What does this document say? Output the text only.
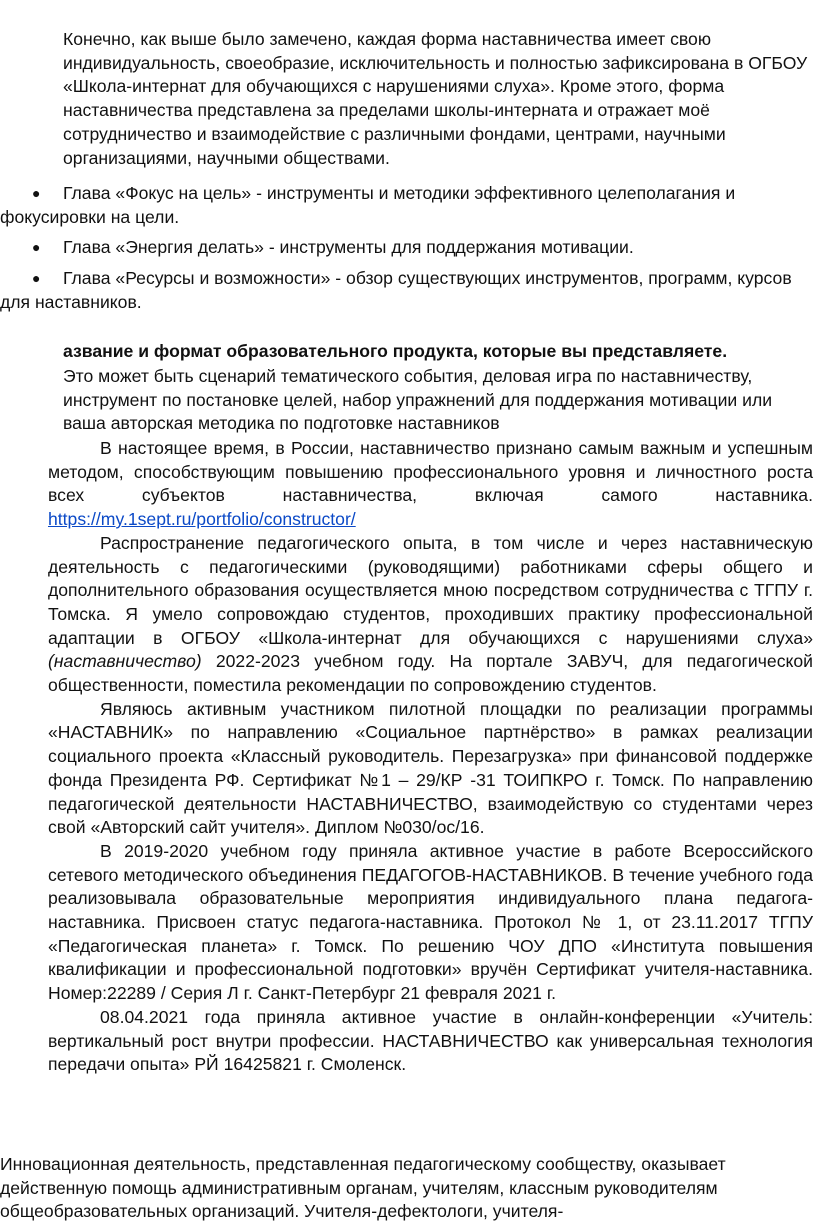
Конечно, как выше было замечено, каждая форма наставничества имеет свою индивидуальность, своеобразие, исключительность и полностью зафиксирована в ОГБОУ «Школа-интернат для обучающихся с нарушениями слуха». Кроме этого, форма наставничества представлена за пределами школы-интерната и отражает моё сотрудничество и взаимодействие с различными фондами, центрами, научными организациями, научными обществами.

● Глава «Фокус на цель» - инструменты и методики эффективного целеполагания и фокусировки на цели.
● Глава «Энергия делать» - инструменты для поддержания мотивации.
● Глава «Ресурсы и возможности» - обзор существующих инструментов, программ, курсов для наставников.

азвание и формат образовательного продукта, которые вы представляете.

Это может быть сценарий тематического события, деловая игра по наставничеству, инструмент по постановке целей, набор упражнений для поддержания мотивации или ваша авторская методика по подготовке наставников

В настоящее время, в России, наставничество признано самым важным и успешным методом, способствующим повышению профессионального уровня и личностного роста всех субъектов наставничества, включая самого наставника. https://my.1sept.ru/portfolio/constructor/

Распространение педагогического опыта, в том числе и через наставническую деятельность с педагогическими (руководящими) работниками сферы общего и дополнительного образования осуществляется мною посредством сотрудничества с ТГПУ г. Томска. Я умело сопровождаю студентов, проходивших практику профессиональной адаптации в ОГБОУ «Школа-интернат для обучающихся с нарушениями слуха» (наставничество) 2022-2023 учебном году. На портале ЗАВУЧ, для педагогической общественности, поместила рекомендации по сопровождению студентов.

Являюсь активным участником пилотной площадки по реализации программы «НАСТАВНИК» по направлению «Социальное партнёрство» в рамках реализации социального проекта «Классный руководитель. Перезагрузка» при финансовой поддержке фонда Президента РФ. Сертификат №1 – 29/КР -31 ТОИПКРО г. Томск. По направлению педагогической деятельности НАСТАВНИЧЕСТВО, взаимодействую со студентами через свой «Авторский сайт учителя». Диплом №030/ос/16.

В 2019-2020 учебном году приняла активное участие в работе Всероссийского сетевого методического объединения ПЕДАГОГОВ-НАСТАВНИКОВ. В течение учебного года реализовывала образовательные мероприятия индивидуального плана педагога-наставника. Присвоен статус педагога-наставника. Протокол № 1, от 23.11.2017 ТГПУ «Педагогическая планета» г. Томск. По решению ЧОУ ДПО «Института повышения квалификации и профессиональной подготовки» вручён Сертификат учителя-наставника. Номер:22289 / Серия Л г. Санкт-Петербург 21 февраля 2021 г.

08.04.2021 года приняла активное участие в онлайн-конференции «Учитель: вертикальный рост внутри профессии. НАСТАВНИЧЕСТВО как универсальная технология передачи опыта» РЙ 16425821 г. Смоленск.

Инновационная деятельность, представленная педагогическому сообществу, оказывает действенную помощь административным органам, учителям, классным руководителям общеобразовательных организаций. Учителя-дефектологи, учителя-
